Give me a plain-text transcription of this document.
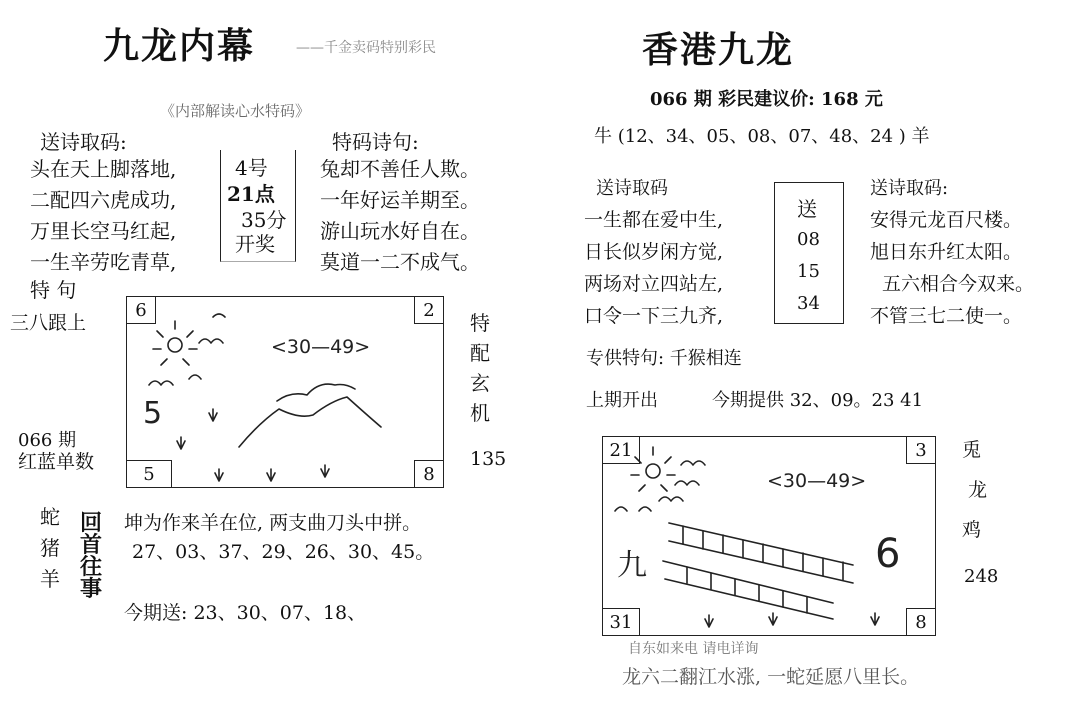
九龙内幕	——千金卖码特别彩民
《内部解读心水特码》
送诗取码:
头在天上脚落地,
二配四六虎成功,
万里长空马红起,
一生辛劳吃青草,
4号
21点
35分
开奖
特码诗句:
兔却不善任人欺。
一年好运羊期至。
游山玩水好自在。
莫道一二不成气。
特 句
三八跟上
066 期
红蓝单数
6	2
5	8
<30—49>
5
特
配
玄
机
135
蛇
猪
羊
回
首
往
事
坤为作来羊在位, 两支曲刀头中拼。
27、03、37、29、26、30、45。
今期送: 23、30、07、18、
香港九龙
066 期 彩民建议价: 168 元
牛 (12、34、05、08、07、48、24 ) 羊
送诗取码
一生都在爱中生,
日长似岁闲方觉,
两场对立四站左,
口令一下三九齐,
送
08
15
34
送诗取码:
安得元龙百尺楼。
旭日东升红太阳。
五六相合今双来。
不管三七二使一。
专供特句: 千猴相连
上期开出	今期提供 32、09。23 41
21	3
31	8
<30—49>
九	6
兎
龙
鸡
248
自东如来电 请电详询
龙六二翻江水涨, 一蛇延愿八里长。
